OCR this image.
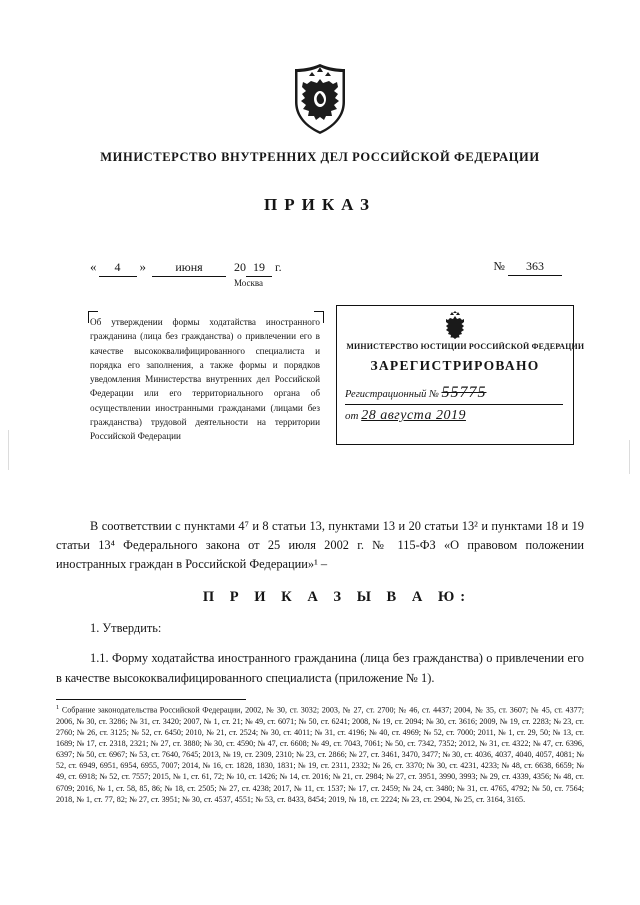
МИНИСТЕРСТВО ВНУТРЕННИХ ДЕЛ РОССИЙСКОЙ ФЕДЕРАЦИИ
ПРИКАЗ
«	4	»	июня	20 19 г.	№	363
Москва
Об утверждении формы ходатайства иностранного гражданина (лица без гражданства) о привлечении его в качестве высококвалифицированного специалиста и порядка его заполнения, а также формы и порядков уведомления Министерства внутренних дел Российской Федерации или его территориального органа об осуществлении иностранными гражданами (лицами без гражданства) трудовой деятельности на территории Российской Федерации
МИНИСТЕРСТВО ЮСТИЦИИ РОССИЙСКОЙ ФЕДЕРАЦИИ
ЗАРЕГИСТРИРОВАНО
Регистрационный № 55775
от 28 августа 2019

В соответствии с пунктами 4⁷ и 8 статьи 13, пунктами 13 и 20 статьи 13² и пунктами 18 и 19 статьи 13⁴ Федерального закона от 25 июля 2002 г. № 115-ФЗ «О правовом положении иностранных граждан в Российской Федерации»¹ –

П Р И К А З Ы В А Ю:

1. Утвердить:

1.1. Форму ходатайства иностранного гражданина (лица без гражданства) о привлечении его в качестве высококвалифицированного специалиста (приложение № 1).

$^1$ Собрание законодательства Российской Федерации, 2002, № 30, ст. 3032; 2003, № 27, ст. 2700; № 46, ст. 4437; 2004, № 35, ст. 3607; № 45, ст. 4377; 2006, № 30, ст. 3286; № 31, ст. 3420; 2007, № 1, ст. 21; № 49, ст. 6071; № 50, ст. 6241; 2008, № 19, ст. 2094; № 30, ст. 3616; 2009, № 19, ст. 2283; № 23, ст. 2760; № 26, ст. 3125; № 52, ст. 6450; 2010, № 21, ст. 2524; № 30, ст. 4011; № 31, ст. 4196; № 40, ст. 4969; № 52, ст. 7000; 2011, № 1, ст. 29, 50; № 13, ст. 1689; № 17, ст. 2318, 2321; № 27, ст. 3880; № 30, ст. 4590; № 47, ст. 6608; № 49, ст. 7043, 7061; № 50, ст. 7342, 7352; 2012, № 31, ст. 4322; № 47, ст. 6396, 6397; № 50, ст. 6967; № 53, ст. 7640, 7645; 2013, № 19, ст. 2309, 2310; № 23, ст. 2866; № 27, ст. 3461, 3470, 3477; № 30, ст. 4036, 4037, 4040, 4057, 4081; № 52, ст. 6949, 6951, 6954, 6955, 7007; 2014, № 16, ст. 1828, 1830, 1831; № 19, ст. 2311, 2332; № 26, ст. 3370; № 30, ст. 4231, 4233; № 48, ст. 6638, 6659; № 49, ст. 6918; № 52, ст. 7557; 2015, № 1, ст. 61, 72; № 10, ст. 1426; № 14, ст. 2016; № 21, ст. 2984; № 27, ст. 3951, 3990, 3993; № 29, ст. 4339, 4356; № 48, ст. 6709; 2016, № 1, ст. 58, 85, 86; № 18, ст. 2505; № 27, ст. 4238; 2017, № 11, ст. 1537; № 17, ст. 2459; № 24, ст. 3480; № 31, ст. 4765, 4792; № 50, ст. 7564; 2018, № 1, ст. 77, 82; № 27, ст. 3951; № 30, ст. 4537, 4551; № 53, ст. 8433, 8454; 2019, № 18, ст. 2224; № 23, ст. 2904, № 25, ст. 3164, 3165.
